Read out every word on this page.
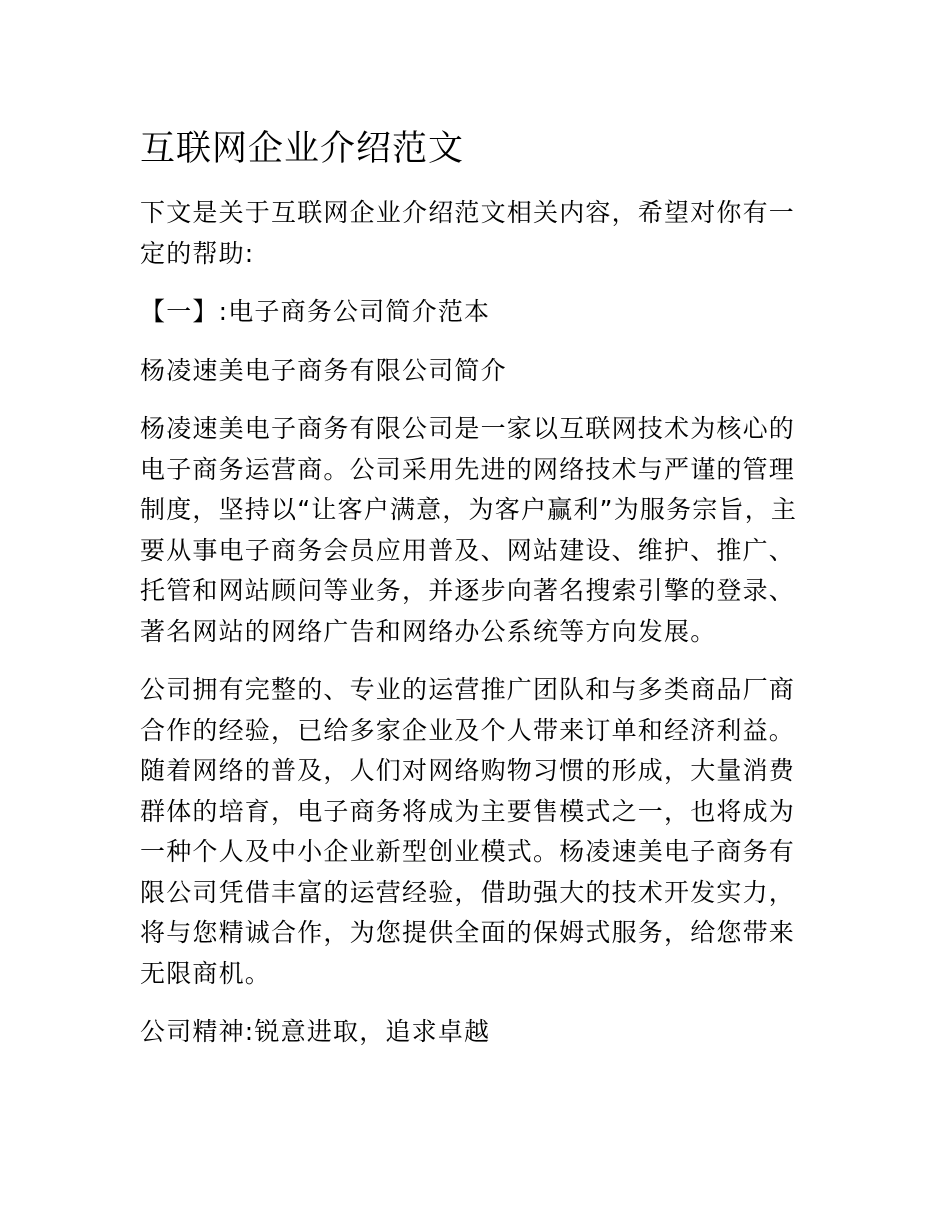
互联网企业介绍范文

下文是关于互联网企业介绍范文相关内容，希望对你有一定的帮助:

【一】:电子商务公司简介范本

杨凌速美电子商务有限公司简介

杨凌速美电子商务有限公司是一家以互联网技术为核心的电子商务运营商。公司采用先进的网络技术与严谨的管理制度，坚持以“让客户满意，为客户赢利”为服务宗旨，主要从事电子商务会员应用普及、网站建设、维护、推广、托管和网站顾问等业务，并逐步向著名搜索引擎的登录、著名网站的网络广告和网络办公系统等方向发展。

公司拥有完整的、专业的运营推广团队和与多类商品厂商合作的经验，已给多家企业及个人带来订单和经济利益。 随着网络的普及，人们对网络购物习惯的形成，大量消费群体的培育，电子商务将成为主要售模式之一，也将成为一种个人及中小企业新型创业模式。杨凌速美电子商务有限公司凭借丰富的运营经验，借助强大的技术开发实力，将与您精诚合作，为您提供全面的保姆式服务，给您带来无限商机。

公司精神:锐意进取，追求卓越
